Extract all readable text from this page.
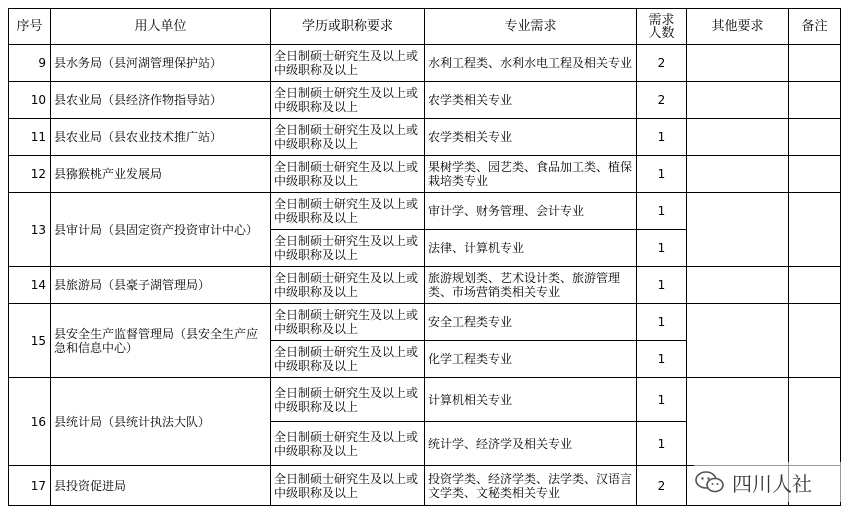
序号	用人单位	学历或职称要求	专业需求	需求人数	其他要求	备注
9	县水务局（县河湖管理保护站）	全日制硕士研究生及以上或中级职称及以上	水利工程类、水利水电工程及相关专业	2		
10	县农业局（县经济作物指导站）	全日制硕士研究生及以上或中级职称及以上	农学类相关专业	2		
11	县农业局（县农业技术推广站）	全日制硕士研究生及以上或中级职称及以上	农学类相关专业	1		
12	县猕猴桃产业发展局	全日制硕士研究生及以上或中级职称及以上	果树学类、园艺类、食品加工类、植保栽培类专业	1		
13	县审计局（县固定资产投资审计中心）	全日制硕士研究生及以上或中级职称及以上	审计学、财务管理、会计专业	1		
		全日制硕士研究生及以上或中级职称及以上	法律、计算机专业	1		
14	县旅游局（县豪子湖管理局）	全日制硕士研究生及以上或中级职称及以上	旅游规划类、艺术设计类、旅游管理类、市场营销类相关专业	1		
15	县安全生产监督管理局（县安全生产应急和信息中心）	全日制硕士研究生及以上或中级职称及以上	安全工程类专业	1		
		全日制硕士研究生及以上或中级职称及以上	化学工程类专业	1		
16	县统计局（县统计执法大队）	全日制硕士研究生及以上或中级职称及以上	计算机相关专业	1		
		全日制硕士研究生及以上或中级职称及以上	统计学、经济学及相关专业	1		
17	县投资促进局	全日制硕士研究生及以上或中级职称及以上	投资学类、经济学类、法学类、汉语言文学类、文秘类相关专业	2			四川人社
